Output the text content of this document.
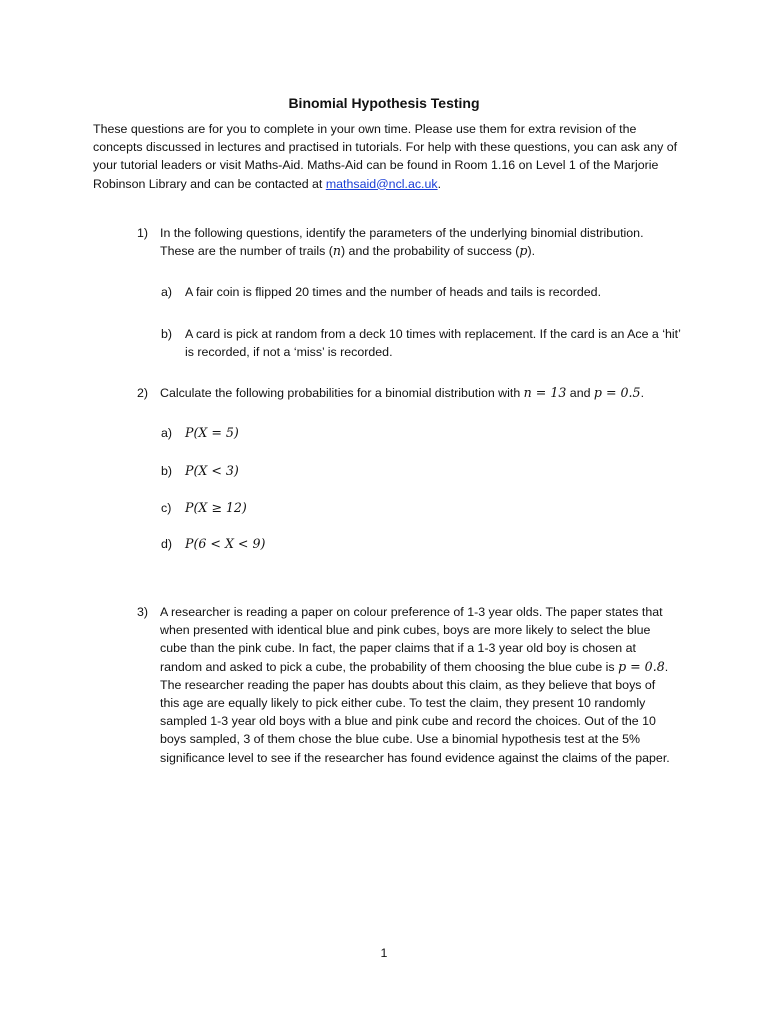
Binomial Hypothesis Testing
These questions are for you to complete in your own time. Please use them for extra revision of the concepts discussed in lectures and practised in tutorials. For help with these questions, you can ask any of your tutorial leaders or visit Maths-Aid. Maths-Aid can be found in Room 1.16 on Level 1 of the Marjorie Robinson Library and can be contacted at mathsaid@ncl.ac.uk.
1) In the following questions, identify the parameters of the underlying binomial distribution. These are the number of trails (n) and the probability of success (p).
a) A fair coin is flipped 20 times and the number of heads and tails is recorded.
b) A card is pick at random from a deck 10 times with replacement. If the card is an Ace a ‘hit’ is recorded, if not a ‘miss’ is recorded.
2) Calculate the following probabilities for a binomial distribution with n = 13 and p = 0.5.
a) P(X = 5)
b) P(X < 3)
c) P(X ≥ 12)
d) P(6 < X < 9)
3) A researcher is reading a paper on colour preference of 1-3 year olds. The paper states that when presented with identical blue and pink cubes, boys are more likely to select the blue cube than the pink cube. In fact, the paper claims that if a 1-3 year old boy is chosen at random and asked to pick a cube, the probability of them choosing the blue cube is p = 0.8. The researcher reading the paper has doubts about this claim, as they believe that boys of this age are equally likely to pick either cube. To test the claim, they present 10 randomly sampled 1-3 year old boys with a blue and pink cube and record the choices. Out of the 10 boys sampled, 3 of them chose the blue cube. Use a binomial hypothesis test at the 5% significance level to see if the researcher has found evidence against the claims of the paper.
1
